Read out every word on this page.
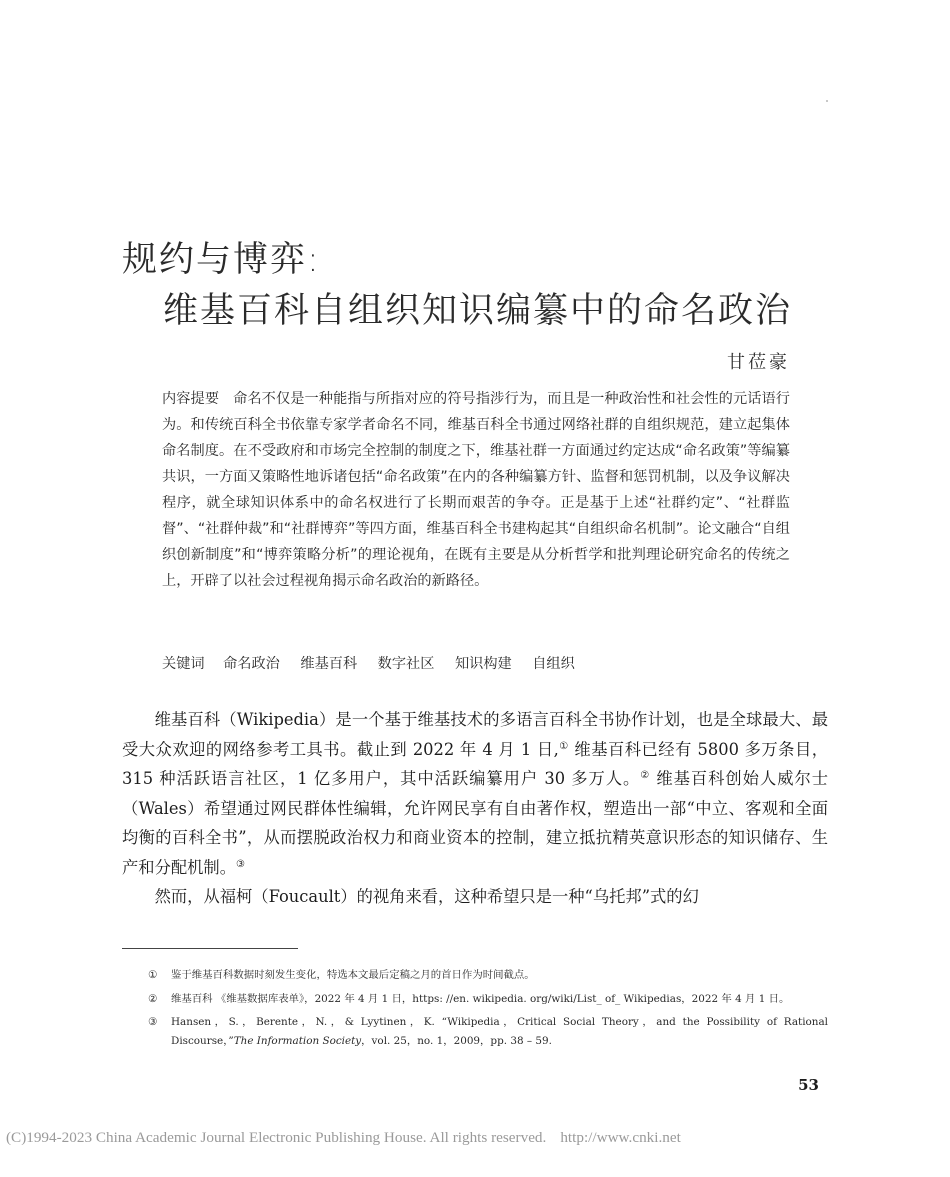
规约与博弈:
维基百科自组织知识编纂中的命名政治
甘莅豪
内容提要 命名不仅是一种能指与所指对应的符号指涉行为，而且是一种政治性和社会性的元话语行为。和传统百科全书依靠专家学者命名不同，维基百科全书通过网络社群的自组织规范，建立起集体命名制度。在不受政府和市场完全控制的制度之下，维基社群一方面通过约定达成“命名政策”等编纂共识，一方面又策略性地诉诸包括“命名政策”在内的各种编纂方针、监督和惩罚机制，以及争议解决程序，就全球知识体系中的命名权进行了长期而艰苦的争夺。正是基于上述“社群约定”、“社群监督”、“社群仲裁”和“社群博弈”等四方面，维基百科全书建构起其“自组织命名机制”。论文融合“自组织创新制度”和“博弈策略分析”的理论视角，在既有主要是从分析哲学和批判理论研究命名的传统之上，开辟了以社会过程视角揭示命名政治的新路径。
关键词 命名政治 维基百科 数字社区 知识构建 自组织

维基百科（Wikipedia）是一个基于维基技术的多语言百科全书协作计划，也是全球最大、最受大众欢迎的网络参考工具书。截止到 2022 年 4 月 1 日,① 维基百科已经有 5800 多万条目，315 种活跃语言社区，1 亿多用户，其中活跃编纂用户 30 多万人。② 维基百科创始人威尔士（Wales）希望通过网民群体性编辑，允许网民享有自由著作权，塑造出一部“中立、客观和全面均衡的百科全书”，从而摆脱政治权力和商业资本的控制，建立抵抗精英意识形态的知识储存、生产和分配机制。③

然而，从福柯（Foucault）的视角来看，这种希望只是一种“乌托邦”式的幻

① 鉴于维基百科数据时刻发生变化，特选本文最后定稿之月的首日作为时间截点。
② 维基百科 《维基数据库表单》，2022 年 4 月 1 日，https: //en. wikipedia. org/wiki/List_ of_ Wikipedias，2022 年 4 月 1 日。
③ Hansen，S.，Berente，N.，& Lyytinen，K. “Wikipedia，Critical Social Theory，and the Possibility of Rational Discourse，”The Information Society，vol. 25，no. 1，2009，pp. 38 – 59.
53
(C)1994-2023 China Academic Journal Electronic Publishing House. All rights reserved. http://www.cnki.net
